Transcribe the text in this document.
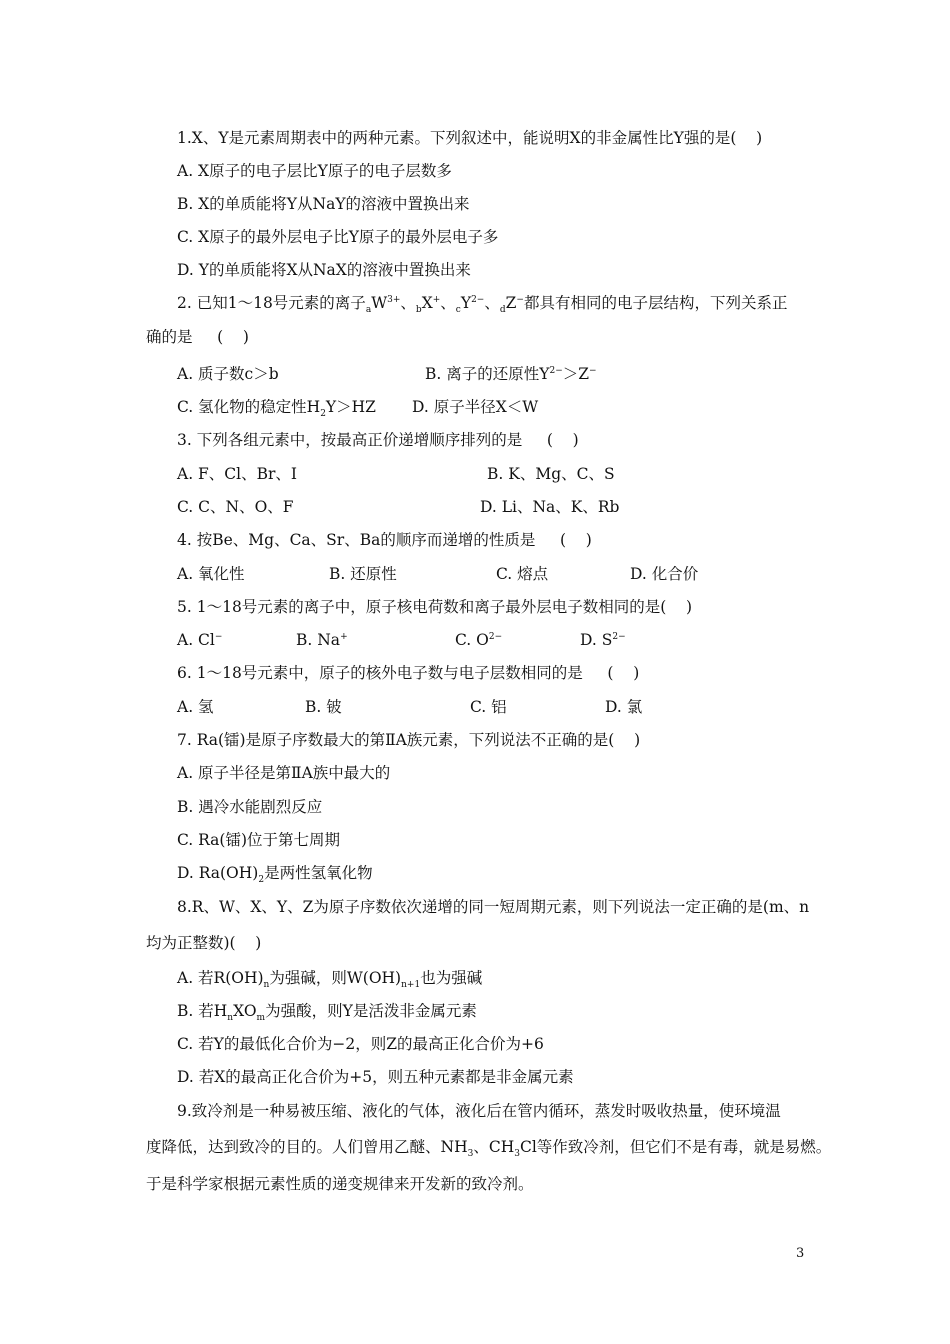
1.X、Y是元素周期表中的两种元素。下列叙述中，能说明X的非金属性比Y强的是(    )
A. X原子的电子层比Y原子的电子层数多
B. X的单质能将Y从NaY的溶液中置换出来
C. X原子的最外层电子比Y原子的最外层电子多
D. Y的单质能将X从NaX的溶液中置换出来
2. 已知1～18号元素的离子$_aW^{3+}$、$_b$X+、$_cY^{2-}$、$_d$Z−都具有相同的电子层结构，下列关系正
确的是     (    )
A. 质子数c＞b	B. 离子的还原性$Y^{2-}>Z^-$
C. 氢化物的稳定性$H_2Y>HZ$ D. 原子半径X＜W
3. 下列各组元素中，按最高正价递增顺序排列的是     (    )
A. F、Cl、Br、I	B. K、Mg、C、S
C. C、N、O、F	D. Li、Na、K、Rb
4. 按Be、Mg、Ca、Sr、Ba的顺序而递增的性质是     (    )
A. 氧化性	B. 还原性	C. 熔点	D. 化合价
5. 1～18号元素的离子中，原子核电荷数和离子最外层电子数相同的是(    )
A. Cl−	B. Na+	C. $O^{2-}$	D. $S^{2-}$
6. 1～18号元素中，原子的核外电子数与电子层数相同的是     (    )
A. 氢	B. 铍	C. 铝	D. 氯
7. Ra(镭)是原子序数最大的第ⅡA族元素，下列说法不正确的是(    )
A. 原子半径是第ⅡA族中最大的
B. 遇冷水能剧烈反应
C. Ra(镭)位于第七周期
D. $Ra(OH)_2$是两性氢氧化物
8.R、W、X、Y、Z为原子序数依次递增的同一短周期元素，则下列说法一定正确的是(m、n
均为正整数)(    )
A. 若$R(OH)_n$为强碱，则$W(OH)_{n+1}$也为强碱
B. 若$H_nXO_m$为强酸，则Y是活泼非金属元素
C. 若Y的最低化合价为−2，则Z的最高正化合价为+6
D. 若X的最高正化合价为+5，则五种元素都是非金属元素
9.致冷剂是一种易被压缩、液化的气体，液化后在管内循环，蒸发时吸收热量，使环境温
度降低，达到致冷的目的。人们曾用乙醚、$NH_3$、$CH_3Cl$等作致冷剂，但它们不是有毒，就是易燃。
于是科学家根据元素性质的递变规律来开发新的致冷剂。
3
